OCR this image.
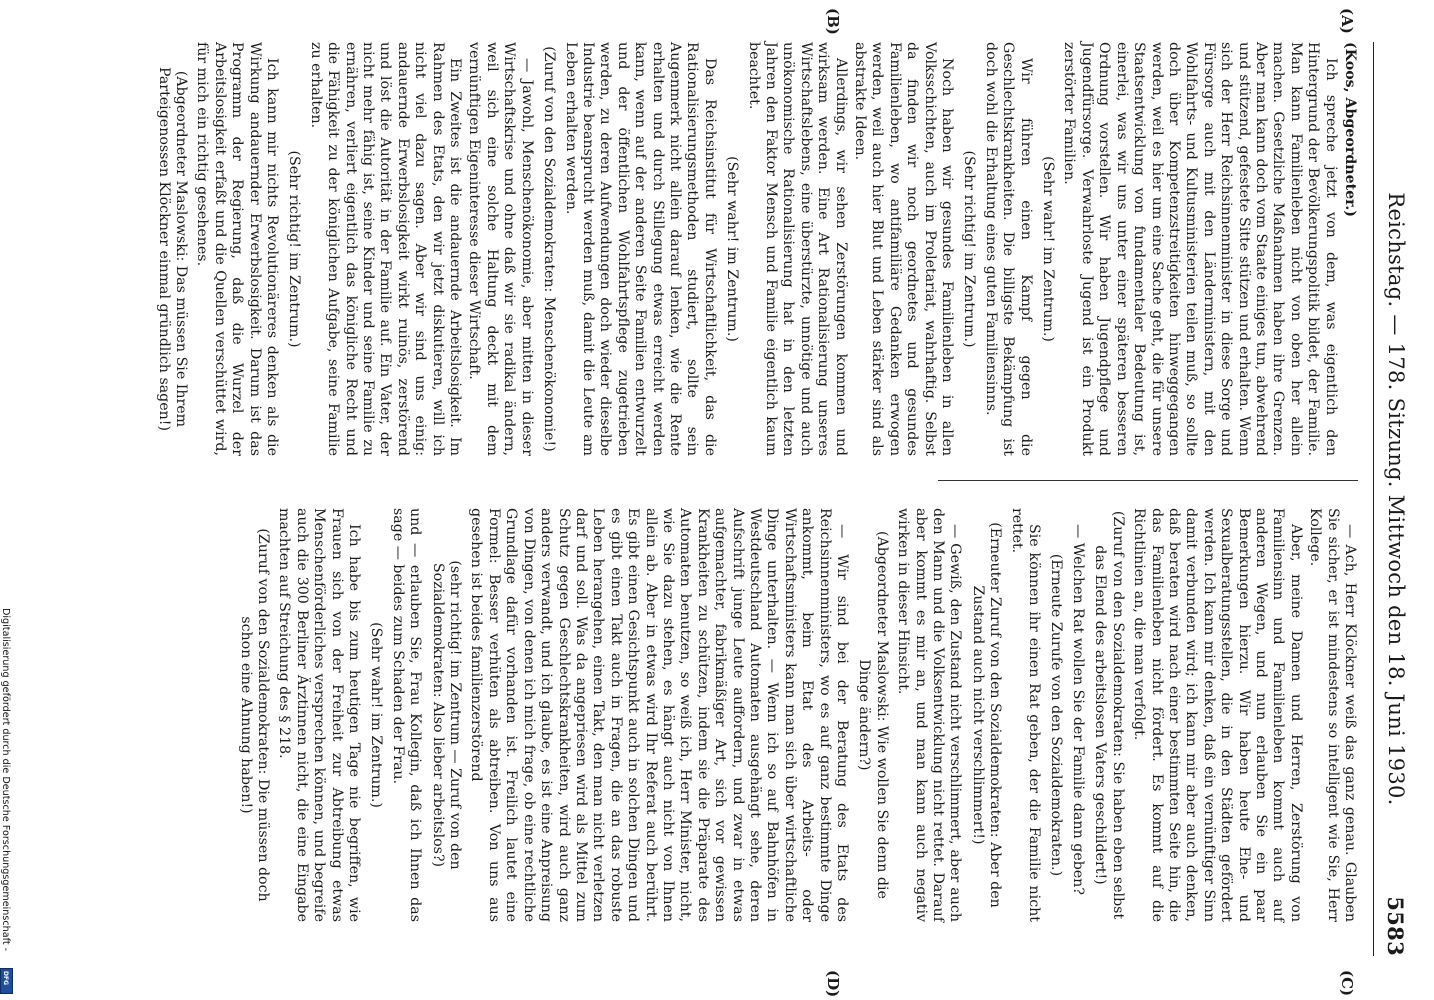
Reichstag. — 178. Sitzung. Mittwoch den 18. Juni 1930.
5583
(A)
(B)
(C)
(D)

(Koos, Abgeordneter.)

Ich spreche jetzt von dem, was eigentlich den Hintergrund der Bevölkerungspolitik bildet, der Familie. Man kann Familienleben nicht von oben her allein machen. Gesetzliche Maßnahmen haben ihre Grenzen. Aber man kann doch vom Staate einiges tun, abwehrend und stützend, gefestete Sitte stützen und erhalten. Wenn sich der Herr Reichsinnenminister in diese Sorge und Fürsorge auch mit den Länderministern, mit den Wohlfahrts- und Kultusministerien teilen muß, so sollte doch über Kompetenzstreitigkeiten hinweggegangen werden, weil es hier um eine Sache geht, die für unsere Staatsentwicklung von fundamentaler Bedeutung ist, einerlei, was wir uns unter einer späteren besseren Ordnung vorstellen. Wir haben Jugendpflege und Jugendfürsorge. Verwahrloste Jugend ist ein Produkt zerstörter Familien.

(Sehr wahr! im Zentrum.)

Wir führen einen Kampf gegen die Geschlechtskrankheiten. Die billigste Bekämpfung ist doch wohl die Erhaltung eines guten Familiensinns.

(Sehr richtig! im Zentrum.)

Noch haben wir gesundes Familienleben in allen Volksschichten, auch im Proletariat, wahrhaftig. Selbst da finden wir noch geordnetes und gesundes Familienleben, wo antifamiliäre Gedanken erwogen werden, weil auch hier Blut und Leben stärker sind als abstrakte Ideen.

Allerdings, wir sehen Zerstörungen kommen und wirksam werden. Eine Art Rationalisierung unseres Wirtschaftslebens, eine überstürzte, unnötige und auch unökonomische Rationalisierung hat in den letzten Jahren den Faktor Mensch und Familie eigentlich kaum beachtet.

(Sehr wahr! im Zentrum.)

Das Reichsinstitut für Wirtschaftlichkeit, das die Rationalisierungsmethoden studiert, sollte sein Augenmerk nicht allein darauf lenken, wie die Rente erhalten und durch Stillegung etwas erreicht werden kann, wenn auf der anderen Seite Familien entwurzelt und der öffentlichen Wohlfahrtspflege zugetrieben werden, zu deren Aufwendungen doch wieder dieselbe Industrie beansprucht werden muß, damit die Leute am Leben erhalten werden.

(Zuruf von den Sozialdemokraten: Menschenökonomie!)

— Jawohl, Menschenökonomie, aber mitten in dieser Wirtschaftskrise und ohne daß wir sie radikal ändern, weil sich eine solche Haltung deckt mit dem vernünftigen Eigeninteresse dieser Wirtschaft.

Ein Zweites ist die andauernde Arbeitslosigkeit. Im Rahmen des Etats, den wir jetzt diskutieren, will ich nicht viel dazu sagen. Aber wir sind uns einig: andauernde Erwerbslosigkeit wirkt ruinös, zerstörend und löst die Autorität in der Familie auf. Ein Vater, der nicht mehr fähig ist, seine Kinder und seine Familie zu ernähren, verliert eigentlich das königliche Recht und die Fähigkeit zu der königlichen Aufgabe, seine Familie zu erhalten.

(Sehr richtig! im Zentrum.)

Ich kann mir nichts Revolutionäreres denken als die Wirkung andauernder Erwerbslosigkeit. Darum ist das Programm der Regierung, daß die Wurzel der Arbeitslosigkeit erfaßt und die Quellen verschüttet wird, für mich ein richtig gesehenes.

(Abgeordneter Maslowski: Das müssen Sie Ihrem Parteigenossen Klöckner einmal gründlich sagen!)

— Ach, Herr Klöckner weiß das ganz genau. Glauben Sie sicher, er ist mindestens so intelligent wie Sie, Herr Kollege.

Aber, meine Damen und Herren, Zerstörung von Familiensinn und Familienleben kommt auch auf anderen Wegen, und nun erlauben Sie ein paar Bemerkungen hierzu. Wir haben heute Ehe- und Sexualberatungsstellen, die in den Städten gefördert werden. Ich kann mir denken, daß ein vernünftiger Sinn damit verbunden wird; ich kann mir aber auch denken, daß beraten wird nach einer bestimmten Seite hin, die das Familienleben nicht fördert. Es kommt auf die Richtlinien an, die man verfolgt.

(Zuruf von den Sozialdemokraten: Sie haben eben selbst das Elend des arbeitslosen Vaters geschildert!)

— Welchen Rat wollen Sie der Familie dann geben?

(Erneute Zurufe von den Sozialdemokraten.)

Sie können ihr einen Rat geben, der die Familie nicht rettet.

(Erneuter Zuruf von den Sozialdemokraten: Aber den Zustand auch nicht verschlimmert!)

— Gewiß, den Zustand nicht verschlimmert, aber auch den Mann und die Volksentwicklung nicht rettet. Darauf aber kommt es mir an, und man kann auch negativ wirken in dieser Hinsicht.

(Abgeordneter Maslowski: Wie wollen Sie denn die Dinge ändern?)

— Wir sind bei der Beratung des Etats des Reichsinnenministers, wo es auf ganz bestimmte Dinge ankommt, beim Etat des Arbeits- oder Wirtschaftsministers kann man sich über wirtschaftliche Dinge unterhalten. — Wenn ich so auf Bahnhöfen in Westdeutschland Automaten ausgehängt sehe, deren Aufschrift junge Leute auffordern, und zwar in etwas aufgemachter, fabrikmäßiger Art, sich vor gewissen Krankheiten zu schützen, indem sie die Präparate des Automaten benutzen, so weiß ich, Herr Minister, nicht, wie Sie dazu stehen, es hängt auch nicht von Ihnen allein ab. Aber in etwas wird Ihr Referat auch berührt. Es gibt einen Gesichtspunkt auch in solchen Dingen und es gibt einen Takt auch in Fragen, die an das robuste Leben herangehen, einen Takt, den man nicht verletzen darf und soll. Was da angepriesen wird als Mittel zum Schutz gegen Geschlechtskrankheiten, wird auch ganz anders verwandt, und ich glaube, es ist eine Anpreisung von Dingen, von denen ich mich frage, ob eine rechtliche Grundlage dafür vorhanden ist. Freilich lautet eine Formel: Besser verhüten als abtreiben. Von uns aus gesehen ist beides familienzerstörend

(sehr richtig! im Zentrum — Zuruf von den Sozialdemokraten: Also lieber arbeitslos?)

und — erlauben Sie, Frau Kollegin, daß ich Ihnen das sage — beides zum Schaden der Frau.

(Sehr wahr! im Zentrum.)

Ich habe bis zum heutigen Tage nie begriffen, wie Frauen sich von der Freiheit zur Abtreibung etwas Menschenförderliches versprechen können, und begreife auch die 300 Berliner Ärztinnen nicht, die eine Eingabe machten auf Streichung des § 218.

(Zuruf von den Sozialdemokraten: Die müssen doch schon eine Ahnung haben!)

Digitalisierung gefördert durch die Deutsche Forschungsgemeinschaft -
DFG
